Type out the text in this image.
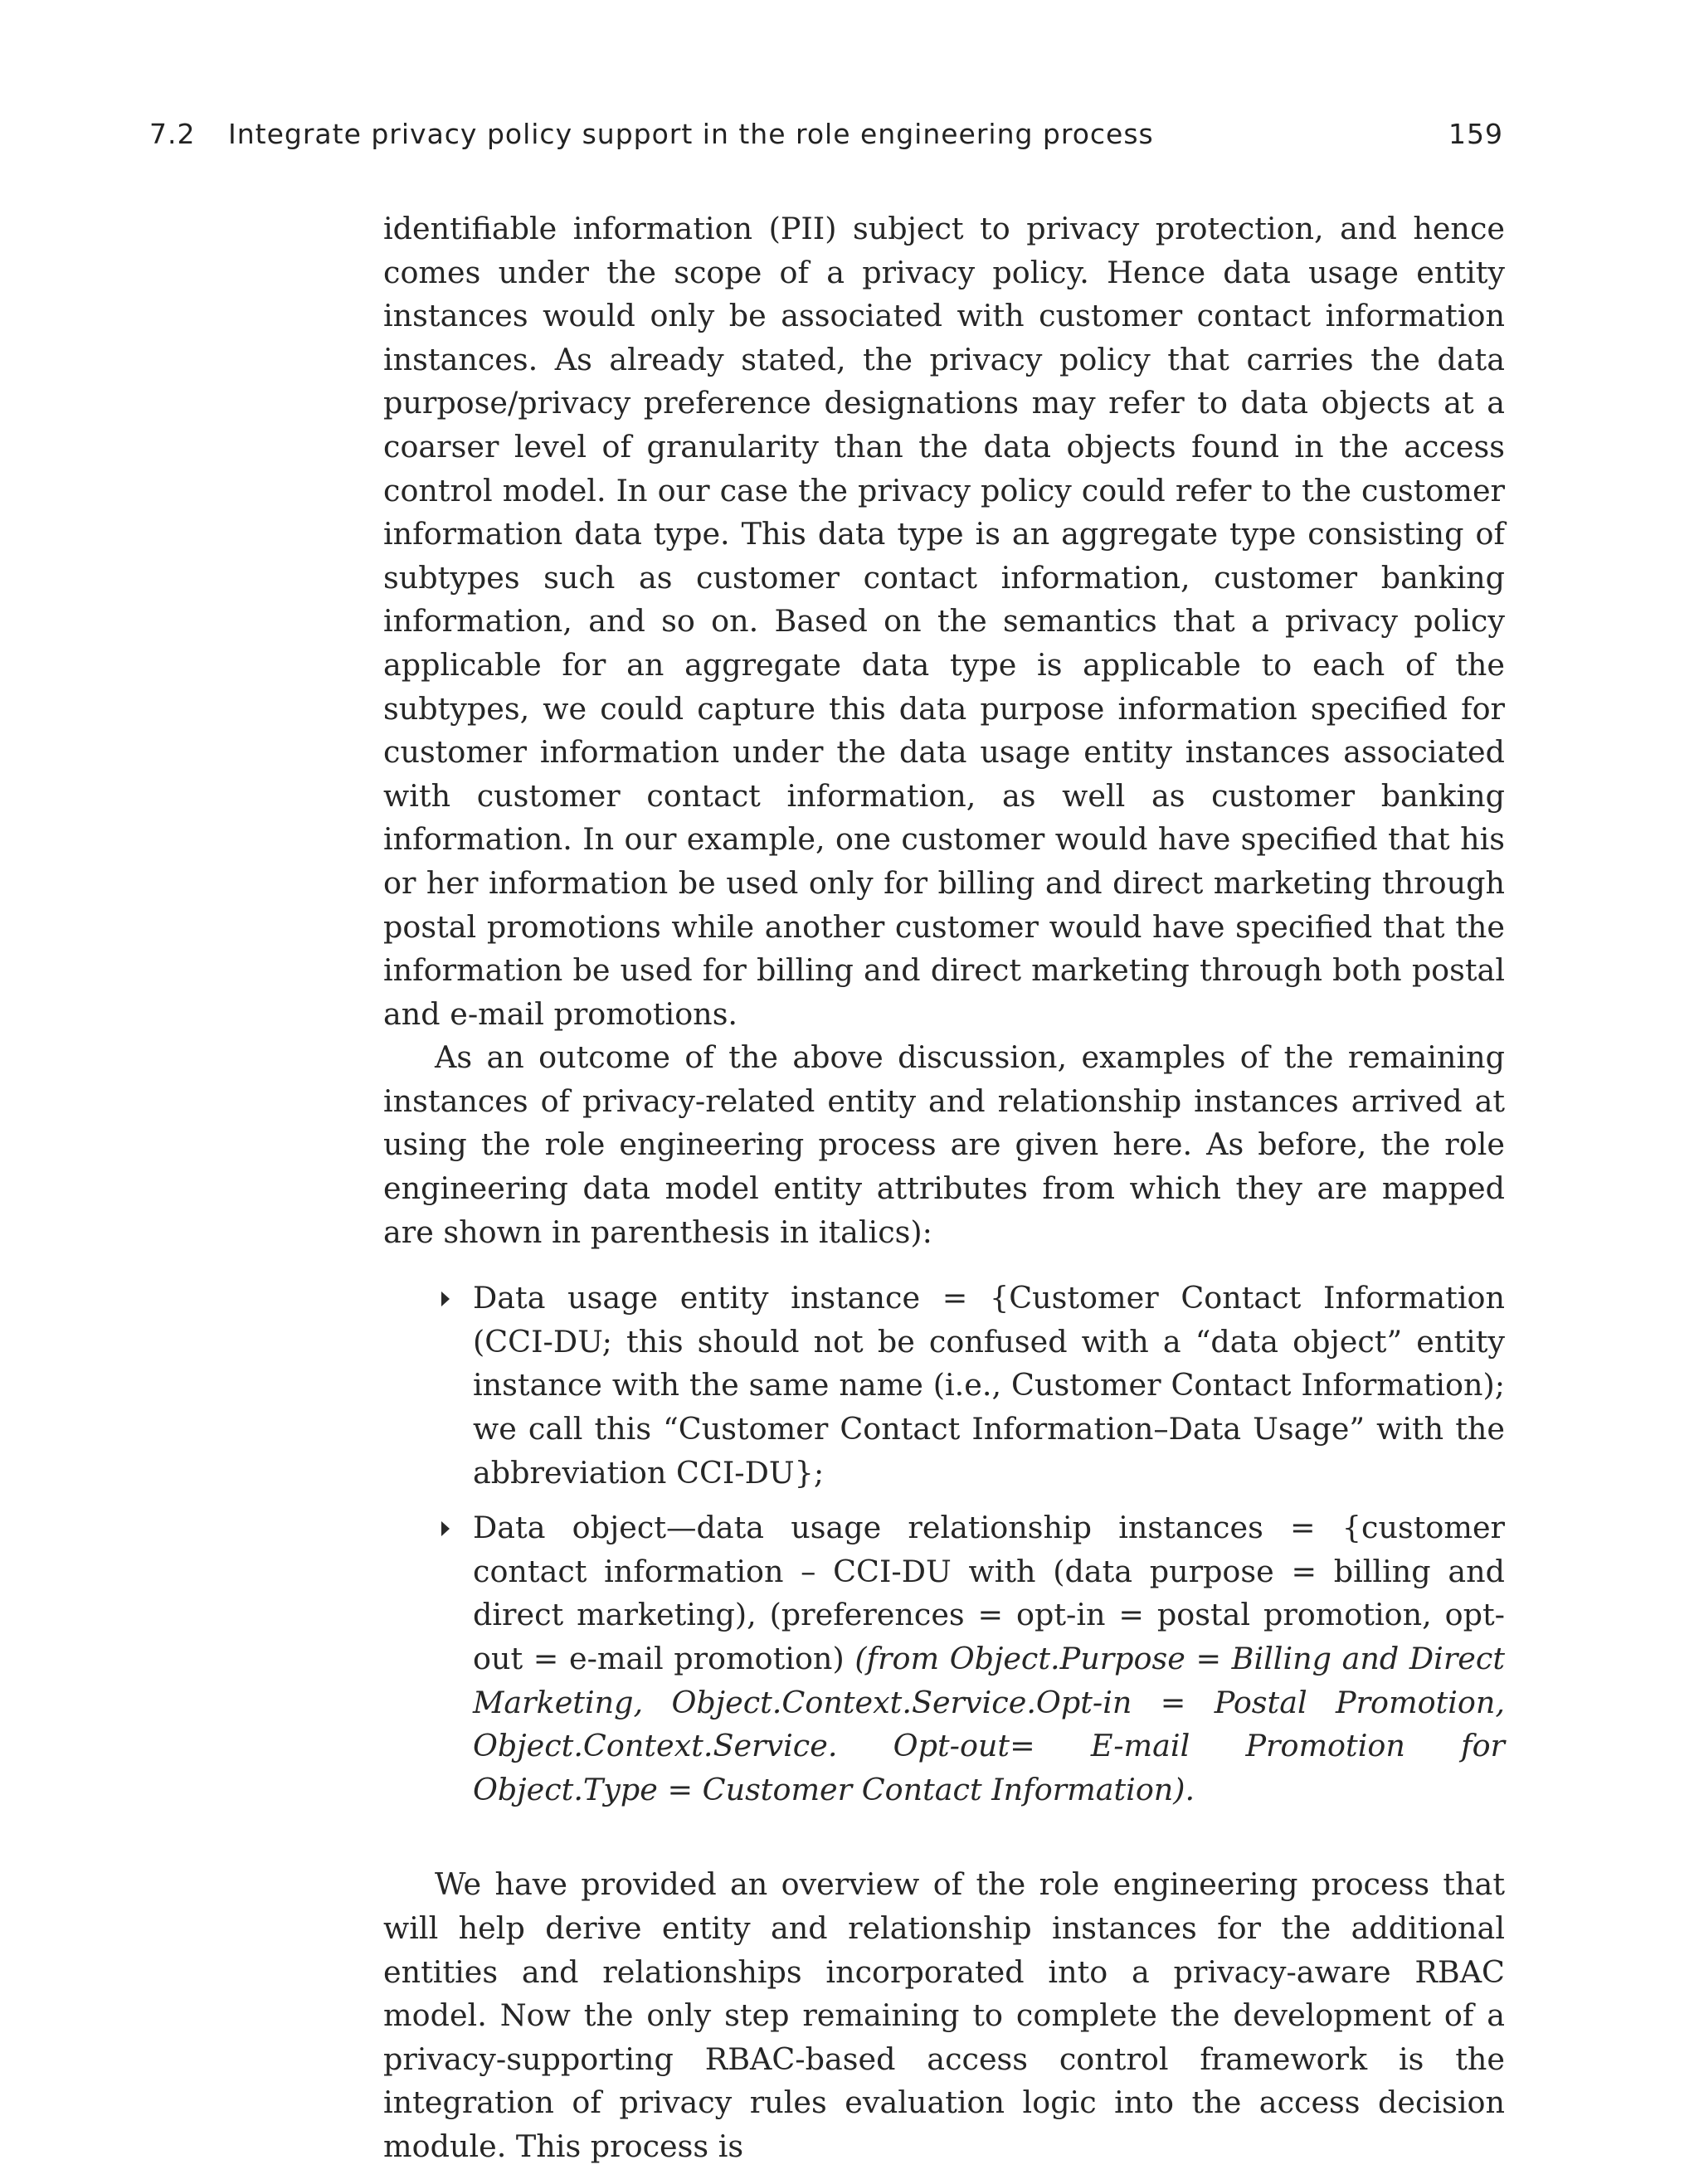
7.2 Integrate privacy policy support in the role engineering process	159

identifiable information (PII) subject to privacy protection, and hence comes under the scope of a privacy policy. Hence data usage entity instances would only be associated with customer contact information instances. As already stated, the privacy policy that carries the data purpose/privacy preference designations may refer to data objects at a coarser level of granularity than the data objects found in the access control model. In our case the privacy policy could refer to the customer information data type. This data type is an aggregate type consisting of subtypes such as customer contact information, customer banking information, and so on. Based on the semantics that a privacy policy applicable for an aggregate data type is applicable to each of the subtypes, we could capture this data purpose information specified for customer information under the data usage entity instances associated with customer contact information, as well as customer banking information. In our example, one customer would have specified that his or her information be used only for billing and direct marketing through postal promotions while another customer would have specified that the information be used for billing and direct marketing through both postal and e-mail promotions.

As an outcome of the above discussion, examples of the remaining instances of privacy-related entity and relationship instances arrived at using the role engineering process are given here. As before, the role engineering data model entity attributes from which they are mapped are shown in parenthesis in italics):

Data usage entity instance = {Customer Contact Information (CCI-DU; this should not be confused with a “data object” entity instance with the same name (i.e., Customer Contact Information); we call this “Customer Contact Information–Data Usage” with the abbreviation CCI-DU};
Data object—data usage relationship instances = {customer contact information – CCI-DU with (data purpose = billing and direct marketing), (preferences = opt-in = postal promotion, opt-out = e-mail promotion) (from Object.Purpose = Billing and Direct Marketing, Object.Context.Service.Opt-in = Postal Promotion, Object.Context.Service. Opt-out= E-mail Promotion for Object.Type = Customer Contact Information).

We have provided an overview of the role engineering process that will help derive entity and relationship instances for the additional entities and relationships incorporated into a privacy-aware RBAC model. Now the only step remaining to complete the development of a privacy-supporting RBAC-based access control framework is the integration of privacy rules evaluation logic into the access decision module. This process is
